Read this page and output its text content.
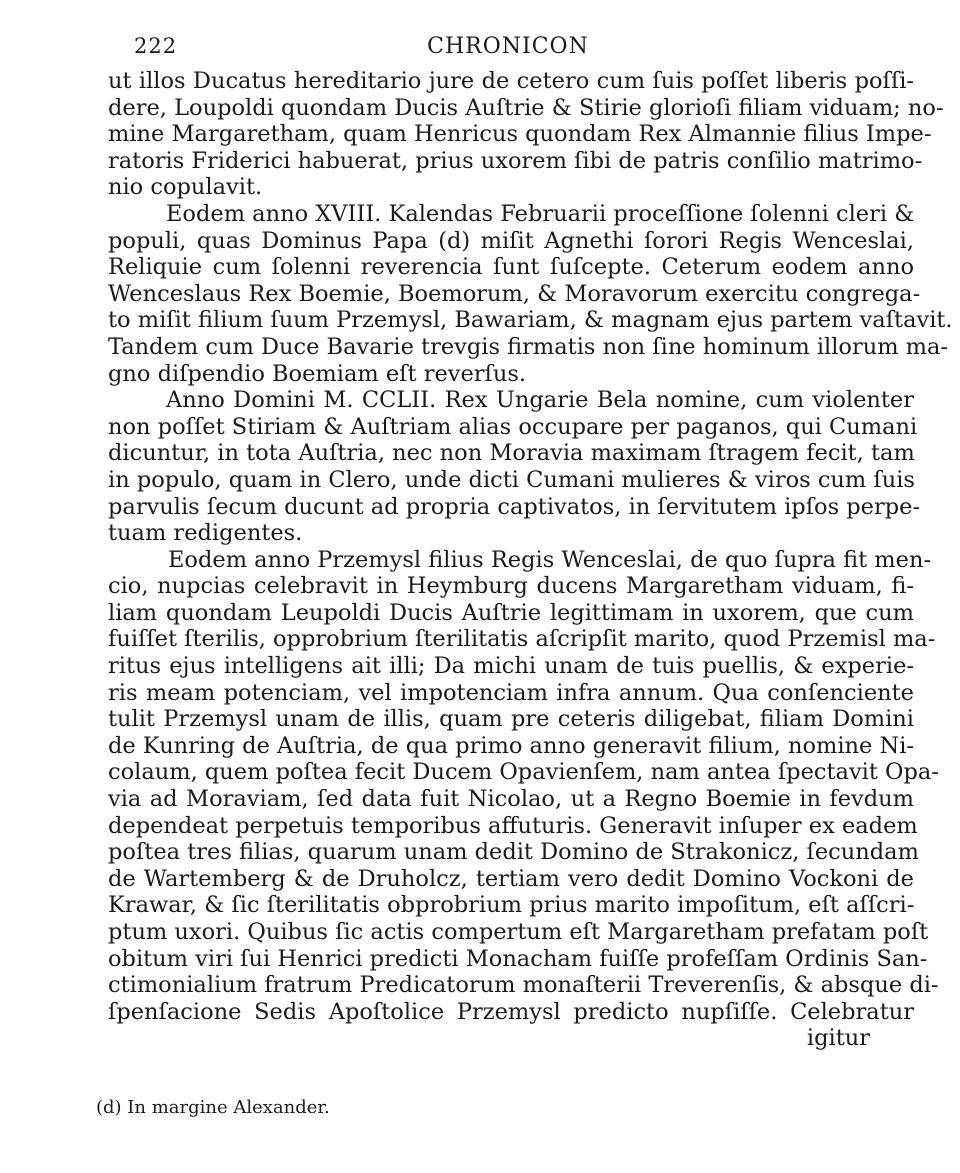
222	CHRONICON
ut illos Ducatus hereditario jure de cetero cum ſuis poſſet liberis poſſi-
dere, Loupoldi quondam Ducis Auſtrie & Stirie glorioſi filiam viduam; no-
mine Margaretham, quam Henricus quondam Rex Almannie filius Impe-
ratoris Friderici habuerat, prius uxorem ſibi de patris conſilio matrimo-
nio copulavit.
Eodem anno XVIII. Kalendas Februarii proceſſione ſolenni cleri &
populi, quas Dominus Papa (d) miſit Agnethi ſorori Regis Wenceslai,
Reliquie cum ſolenni reverencia ſunt ſuſcepte. Ceterum eodem anno
Wenceslaus Rex Boemie, Boemorum, & Moravorum exercitu congrega-
to miſit filium ſuum Przemysl, Bawariam, & magnam ejus partem vaſtavit.
Tandem cum Duce Bavarie trevgis firmatis non ſine hominum illorum ma-
gno diſpendio Boemiam eſt reverſus.
Anno Domini M. CCLII. Rex Ungarie Bela nomine, cum violenter
non poſſet Stiriam & Auſtriam alias occupare per paganos, qui Cumani
dicuntur, in tota Auſtria, nec non Moravia maximam ſtragem fecit, tam
in populo, quam in Clero, unde dicti Cumani mulieres & viros cum ſuis
parvulis ſecum ducunt ad propria captivatos, in ſervitutem ipſos perpe-
tuam redigentes.
Eodem anno Przemysl filius Regis Wenceslai, de quo ſupra fit men-
cio, nupcias celebravit in Heymburg ducens Margaretham viduam, fi-
liam quondam Leupoldi Ducis Auſtrie legittimam in uxorem, que cum
fuiſſet ſterilis, opprobrium ſterilitatis aſcripſit marito, quod Przemisl ma-
ritus ejus intelligens ait illi; Da michi unam de tuis puellis, & experie-
ris meam potenciam, vel impotenciam infra annum. Qua conſenciente
tulit Przemysl unam de illis, quam pre ceteris diligebat, filiam Domini
de Kunring de Auſtria, de qua primo anno generavit filium, nomine Ni-
colaum, quem poſtea fecit Ducem Opavienſem, nam antea ſpectavit Opa-
via ad Moraviam, ſed data fuit Nicolao, ut a Regno Boemie in fevdum
dependeat perpetuis temporibus affuturis. Generavit inſuper ex eadem
poſtea tres filias, quarum unam dedit Domino de Strakonicz, ſecundam
de Wartemberg & de Druholcz, tertiam vero dedit Domino Vockoni de
Krawar, & ſic ſterilitatis obprobrium prius marito impoſitum, eſt aſſcri-
ptum uxori. Quibus ſic actis compertum eſt Margaretham prefatam poſt
obitum viri ſui Henrici predicti Monacham fuiſſe profeſſam Ordinis San-
ctimonialium fratrum Predicatorum monaſterii Treverenſis, & absque di-
ſpenſacione Sedis Apoſtolice Przemysl predicto nupſiſſe. Celebratur
igitur
(d) In margine Alexander.
